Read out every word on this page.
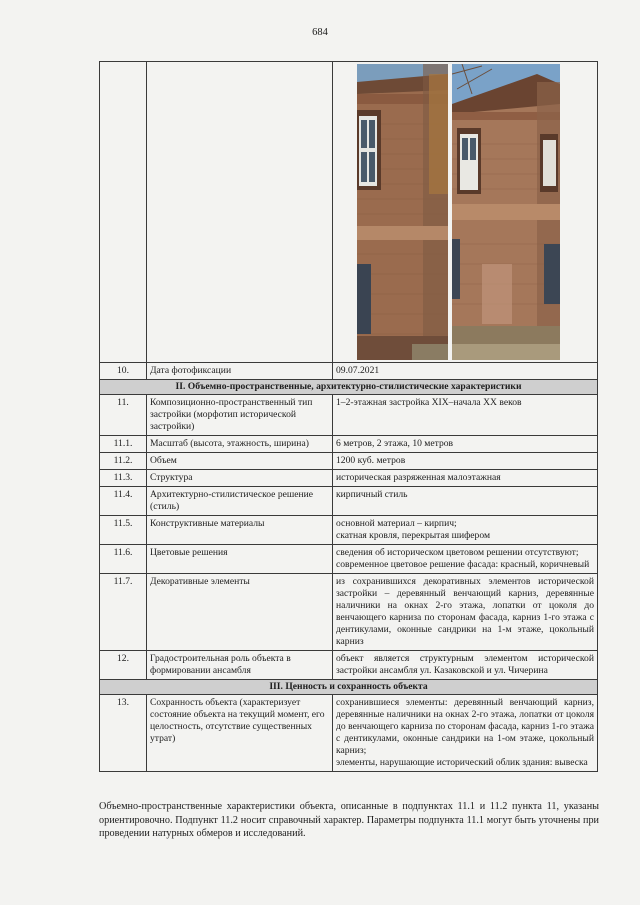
684

10.	Дата фотофиксации	09.07.2021
II. Объемно-пространственные, архитектурно-стилистические характеристики		
11.	Композиционно-пространственный тип застройки (морфотип исторической застройки)	1–2-этажная застройка XIX–начала XX веков
11.1.	Масштаб (высота, этажность, ширина)	6 метров, 2 этажа, 10 метров
11.2.	Объем	1200 куб. метров
11.3.	Структура	историческая разряженная малоэтажная
11.4.	Архитектурно-стилистическое решение (стиль)	кирпичный стиль
11.5.	Конструктивные материалы	основной материал – кирпич;
скатная кровля, перекрытая шифером

11.6.	Цветовые решения	сведения об историческом цветовом решении отсутствуют;
современное цветовое решение фасада: красный, коричневый

11.7.	Декоративные элементы	из сохранившихся декоративных элементов исторической застройки – деревянный венчающий карниз, деревянные наличники на окнах 2-го этажа, лопатки от цоколя до венчающего карниза по сторонам фасада, карниз 1-го этажа с дентикулами, оконные сандрики на 1-м этаже, цокольный карниз
12.	Градостроительная роль объекта в формировании ансамбля	объект является структурным элементом исторической застройки ансамбля ул. Казаковской и ул. Чичерина
III. Ценность и сохранность объекта		
13.	Сохранность объекта (характеризует состояние объекта на текущий момент, его целостность, отсутствие существенных утрат)	сохранившиеся элементы: деревянный венчающий карниз, деревянные наличники на окнах 2-го этажа, лопатки от цоколя до венчающего карниза по сторонам фасада, карниз 1-го этажа с дентикулами, оконные сандрики на 1-ом этаже, цокольный карниз;
элементы, нарушающие исторический облик здания: вывеска
Объемно-пространственные характеристики объекта, описанные в подпунктах 11.1 и 11.2 пункта 11, указаны ориентировочно. Подпункт 11.2 носит справочный характер. Параметры подпункта 11.1 могут быть уточнены при проведении натурных обмеров и исследований.
